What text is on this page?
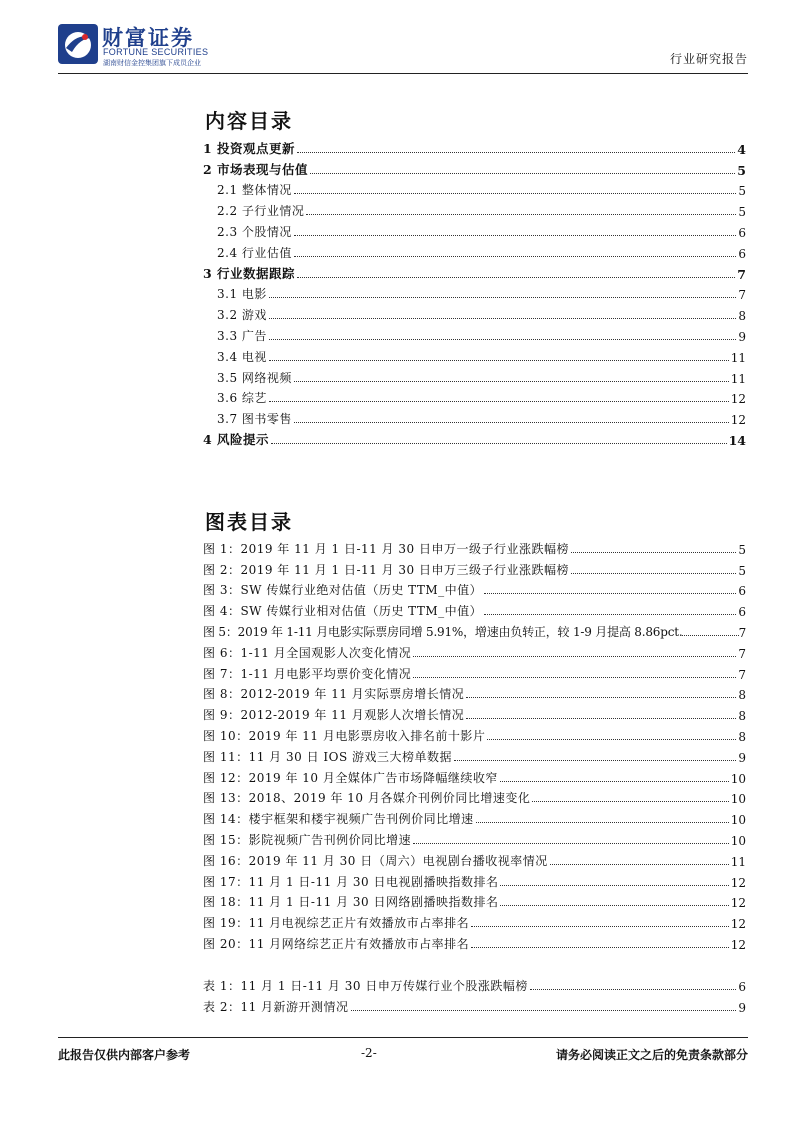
财富证券
FORTUNE SECURITIES
湖南财信金控集团旗下成员企业	行业研究报告
内容目录
1 投资观点更新	4
2 市场表现与估值	5
2.1 整体情况	5
2.2 子行业情况	5
2.3 个股情况	6
2.4 行业估值	6
3 行业数据跟踪	7
3.1 电影	7
3.2 游戏	8
3.3 广告	9
3.4 电视	11
3.5 网络视频	11
3.6 综艺	12
3.7 图书零售	12
4 风险提示	14
图表目录
图 1：2019 年 11 月 1 日-11 月 30 日申万一级子行业涨跌幅榜	5
图 2：2019 年 11 月 1 日-11 月 30 日申万三级子行业涨跌幅榜	5
图 3：SW 传媒行业绝对估值（历史 TTM_中值）	6
图 4：SW 传媒行业相对估值（历史 TTM_中值）	6
图 5：2019 年 1-11 月电影实际票房同增 5.91%，增速由负转正，较 1-9 月提高 8.86pct.	7
图 6：1-11 月全国观影人次变化情况	7
图 7：1-11 月电影平均票价变化情况	7
图 8：2012-2019 年 11 月实际票房增长情况	8
图 9：2012-2019 年 11 月观影人次增长情况	8
图 10：2019 年 11 月电影票房收入排名前十影片	8
图 11：11 月 30 日 IOS 游戏三大榜单数据	9
图 12：2019 年 10 月全媒体广告市场降幅继续收窄	10
图 13：2018、2019 年 10 月各媒介刊例价同比增速变化	10
图 14：楼宇框架和楼宇视频广告刊例价同比增速	10
图 15：影院视频广告刊例价同比增速	10
图 16：2019 年 11 月 30 日（周六）电视剧台播收视率情况	11
图 17：11 月 1 日-11 月 30 日电视剧播映指数排名	12
图 18：11 月 1 日-11 月 30 日网络剧播映指数排名	12
图 19：11 月电视综艺正片有效播放市占率排名	12
图 20：11 月网络综艺正片有效播放市占率排名	12
表 1：11 月 1 日-11 月 30 日申万传媒行业个股涨跌幅榜	6
表 2：11 月新游开测情况	9
此报告仅供内部客户参考	-2-	请务必阅读正文之后的免责条款部分
